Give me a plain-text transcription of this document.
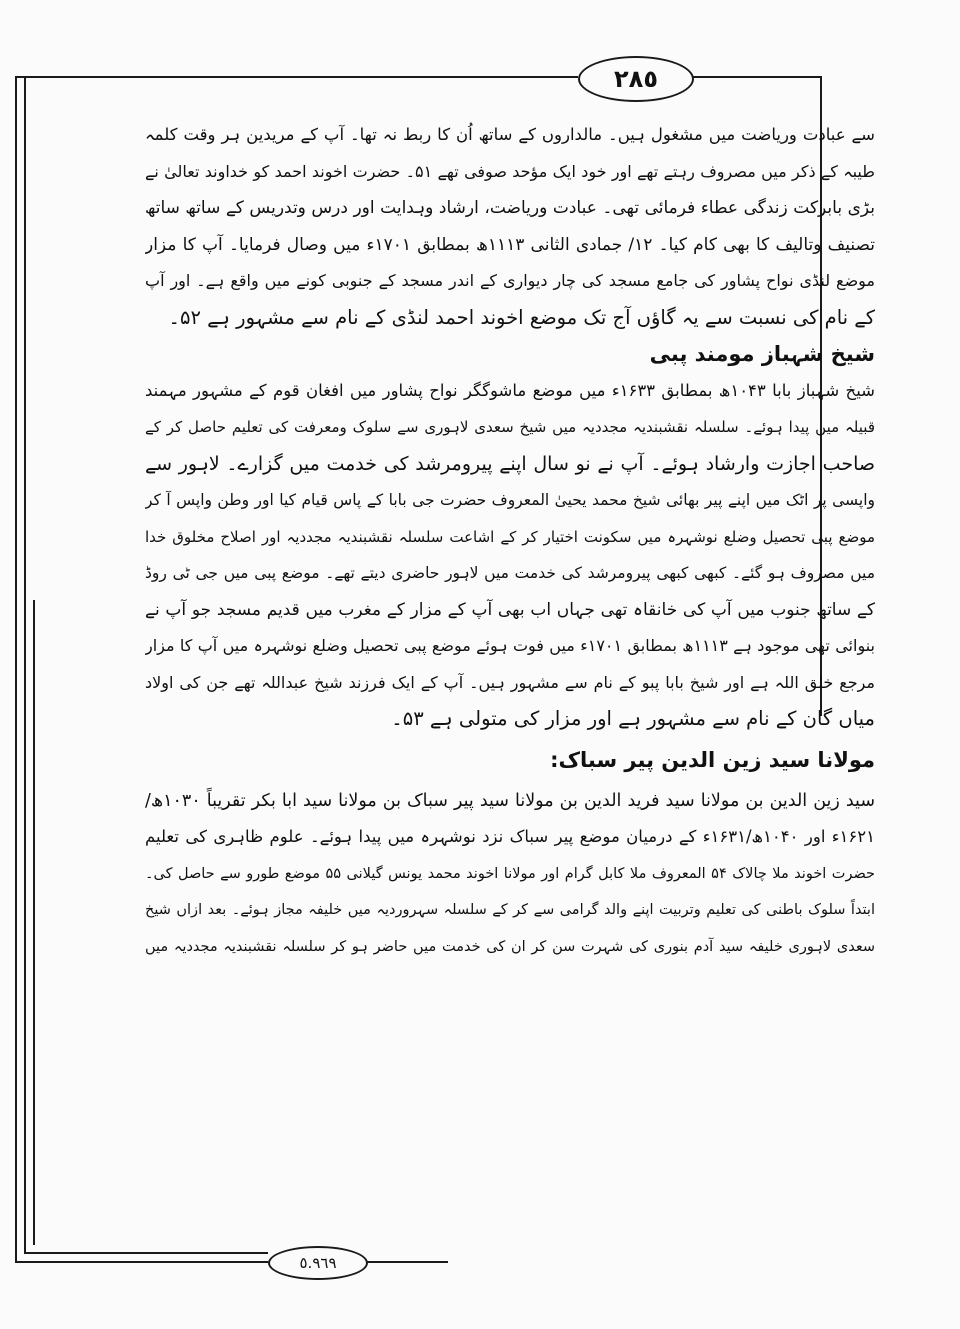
٢٨٥
سے عبادت وریاضت میں مشغول ہیں۔ مالداروں کے ساتھ اُن کا ربط نہ تھا۔ آپ کے مریدین ہر وقت کلمہ
طیبہ کے ذکر میں مصروف رہتے تھے اور خود ایک مؤحد صوفی تھے ۵۱۔ حضرت اخوند احمد کو خداوند تعالیٰ نے
بڑی بابرکت زندگی عطاء فرمائی تھی۔ عبادت وریاضت، ارشاد وہدایت اور درس وتدریس کے ساتھ ساتھ
تصنیف وتالیف کا بھی کام کیا۔ ۱۲/ جمادی الثانی ۱۱۱۳ھ بمطابق ۱۷۰۱ء میں وصال فرمایا۔ آپ کا مزار
موضع لنڈی نواح پشاور کی جامع مسجد کی چار دیواری کے اندر مسجد کے جنوبی کونے میں واقع ہے۔ اور آپ
کے نام کی نسبت سے یہ گاؤں آج تک موضع اخوند احمد لنڈی کے نام سے مشہور ہے ۵۲۔
شیخ شہباز مومند پبی
شیخ شہباز بابا ۱۰۴۳ھ بمطابق ۱۶۳۳ء میں موضع ماشوگگر نواح پشاور میں افغان قوم کے مشہور مہمند
قبیلہ میں پیدا ہوئے۔ سلسلہ نقشبندیہ مجددیہ میں شیخ سعدی لاہوری سے سلوک ومعرفت کی تعلیم حاصل کر کے
صاحب اجازت وارشاد ہوئے۔ آپ نے نو سال اپنے پیرومرشد کی خدمت میں گزارے۔ لاہور سے
واپسی پر اٹک میں اپنے پیر بھائی شیخ محمد یحییٰ المعروف حضرت جی بابا کے پاس قیام کیا اور وطن واپس آ کر
موضع پبی تحصیل وضلع نوشہرہ میں سکونت اختیار کر کے اشاعت سلسلہ نقشبندیہ مجددیہ اور اصلاح مخلوق خدا
میں مصروف ہو گئے۔ کبھی کبھی پیرومرشد کی خدمت میں لاہور حاضری دیتے تھے۔ موضع پبی میں جی ٹی روڈ
کے ساتھ جنوب میں آپ کی خانقاہ تھی جہاں اب بھی آپ کے مزار کے مغرب میں قدیم مسجد جو آپ نے
بنوائی تھی موجود ہے ۱۱۱۳ھ بمطابق ۱۷۰۱ء میں فوت ہوئے موضع پبی تحصیل وضلع نوشہرہ میں آپ کا مزار
مرجع خلق اللہ ہے اور شیخ بابا پبو کے نام سے مشہور ہیں۔ آپ کے ایک فرزند شیخ عبداللہ تھے جن کی اولاد
میاں گان کے نام سے مشہور ہے اور مزار کی متولی ہے ۵۳۔
مولانا سید زین الدین پیر سباک:
سید زین الدین بن مولانا سید فرید الدین بن مولانا سید پیر سباک بن مولانا سید ابا بکر تقریباً ۱۰۳۰ھ/
۱۶۲۱ء اور ۱۰۴۰ھ/۱۶۳۱ء کے درمیان موضع پیر سباک نزد نوشہرہ میں پیدا ہوئے۔ علوم ظاہری کی تعلیم
حضرت اخوند ملا چالاک ۵۴ المعروف ملا کابل گرام اور مولانا اخوند محمد یونس گیلانی ۵۵ موضع طورو سے حاصل کی۔
ابتداً سلوک باطنی کی تعلیم وتربیت اپنے والد گرامی سے کر کے سلسلہ سہروردیہ میں خلیفہ مجاز ہوئے۔ بعد ازاں شیخ
سعدی لاہوری خلیفہ سید آدم بنوری کی شہرت سن کر ان کی خدمت میں حاضر ہو کر سلسلہ نقشبندیہ مجددیہ میں
٥.٩٦٩
